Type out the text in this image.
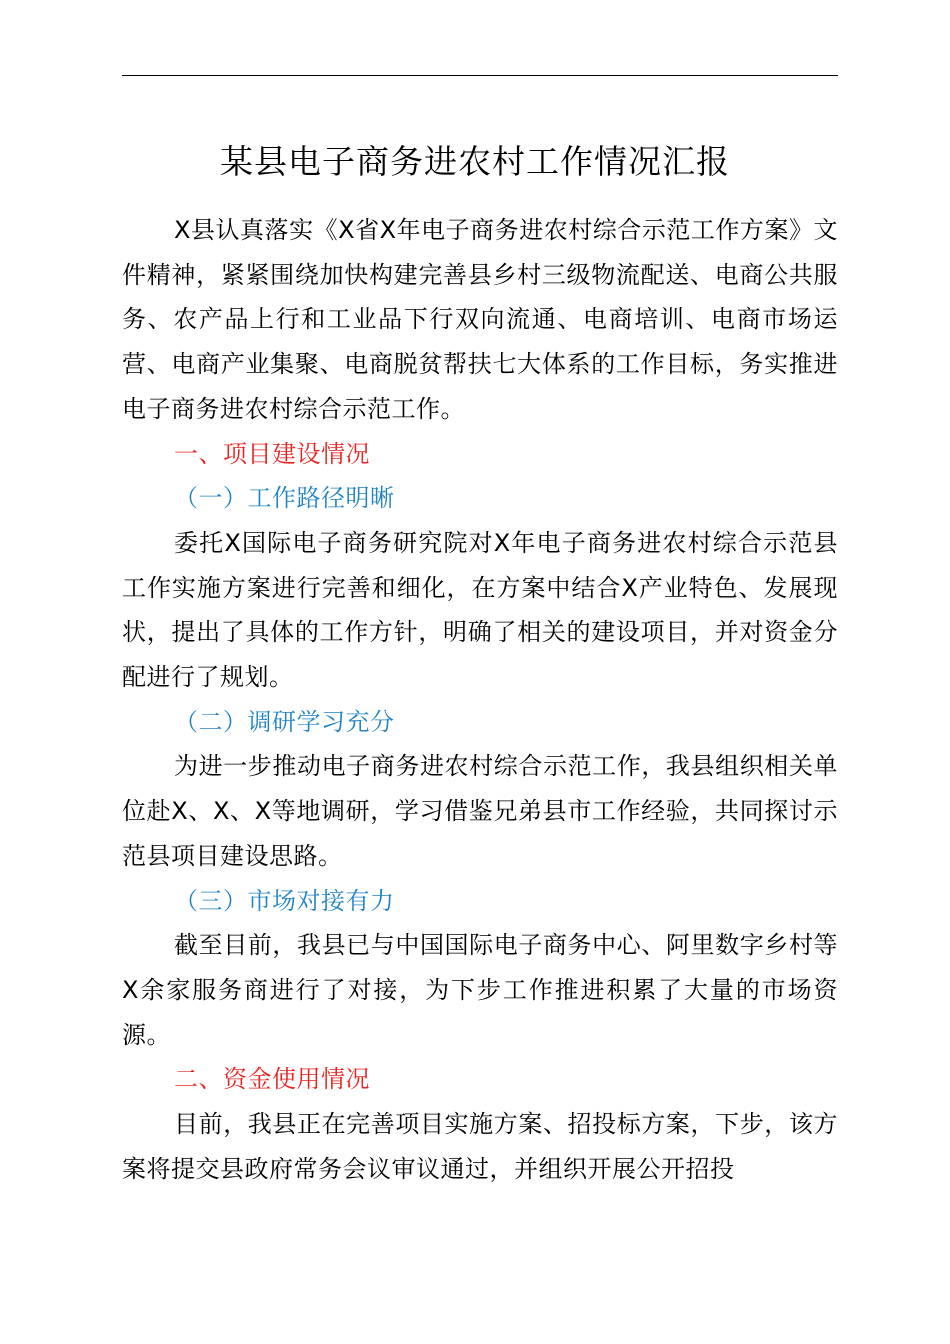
某县电子商务进农村工作情况汇报

X县认真落实《X省X年电子商务进农村综合示范工作方案》文件精神，紧紧围绕加快构建完善县乡村三级物流配送、电商公共服务、农产品上行和工业品下行双向流通、电商培训、电商市场运营、电商产业集聚、电商脱贫帮扶七大体系的工作目标，务实推进电子商务进农村综合示范工作。

一、项目建设情况

（一）工作路径明晰

委托X国际电子商务研究院对X年电子商务进农村综合示范县工作实施方案进行完善和细化，在方案中结合X产业特色、发展现状，提出了具体的工作方针，明确了相关的建设项目，并对资金分配进行了规划。

（二）调研学习充分

为进一步推动电子商务进农村综合示范工作，我县组织相关单位赴X、X、X等地调研，学习借鉴兄弟县市工作经验，共同探讨示范县项目建设思路。

（三）市场对接有力

截至目前，我县已与中国国际电子商务中心、阿里数字乡村等X余家服务商进行了对接，为下步工作推进积累了大量的市场资源。

二、资金使用情况

目前，我县正在完善项目实施方案、招投标方案，下步，该方案将提交县政府常务会议审议通过，并组织开展公开招投
